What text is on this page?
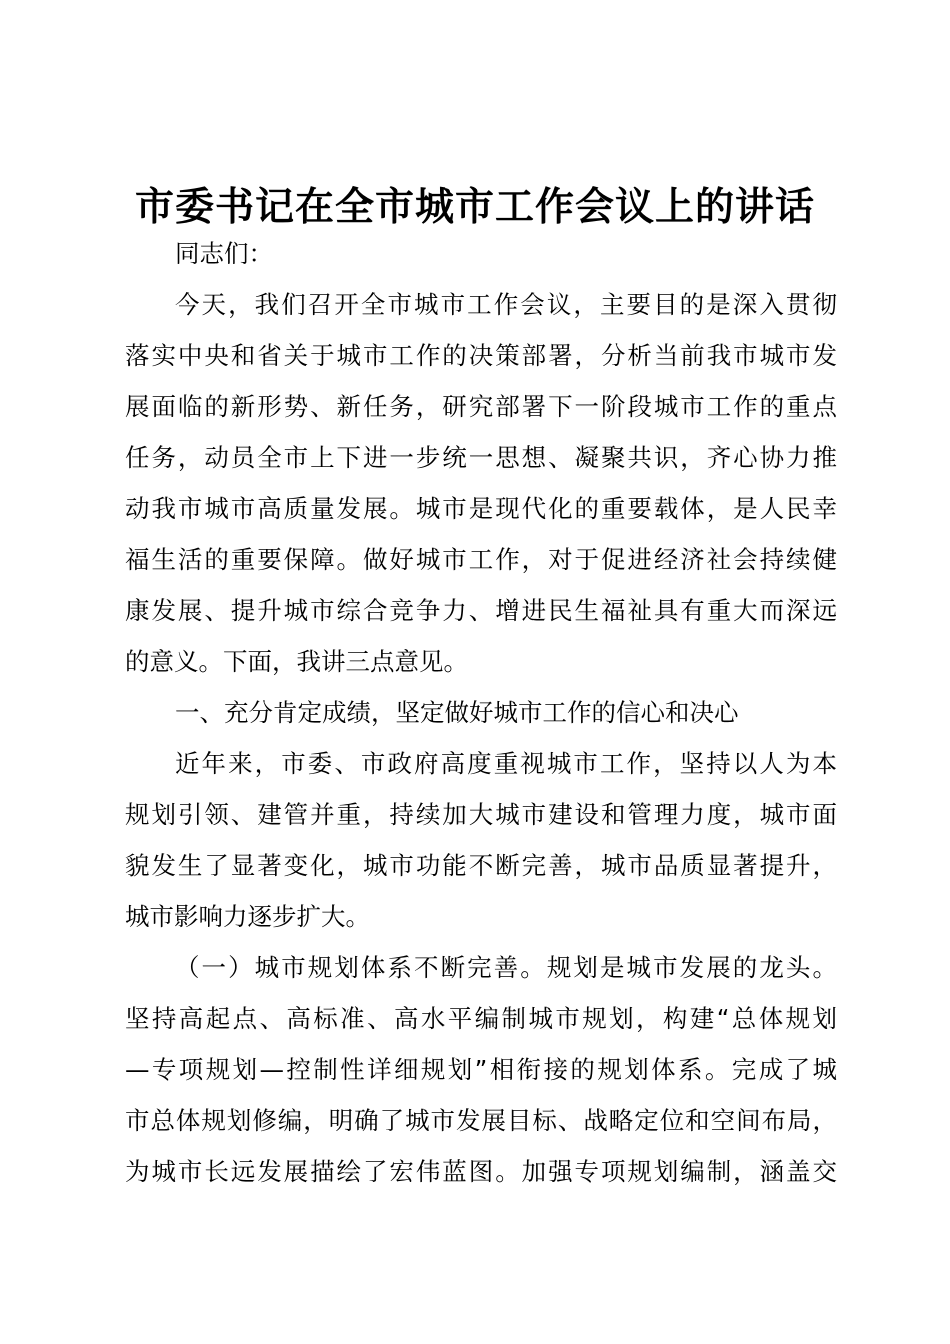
市委书记在全市城市工作会议上的讲话
同志们：
今天，我们召开全市城市工作会议，主要目的是深入贯彻
落实中央和省关于城市工作的决策部署，分析当前我市城市发
展面临的新形势、新任务，研究部署下一阶段城市工作的重点
任务，动员全市上下进一步统一思想、凝聚共识，齐心协力推
动我市城市高质量发展。城市是现代化的重要载体，是人民幸
福生活的重要保障。做好城市工作，对于促进经济社会持续健
康发展、提升城市综合竞争力、增进民生福祉具有重大而深远
的意义。下面，我讲三点意见。
一、充分肯定成绩，坚定做好城市工作的信心和决心
近年来，市委、市政府高度重视城市工作，坚持以人为本
规划引领、建管并重，持续加大城市建设和管理力度，城市面
貌发生了显著变化，城市功能不断完善，城市品质显著提升，
城市影响力逐步扩大。
（一）城市规划体系不断完善。规划是城市发展的龙头。
坚持高起点、高标准、高水平编制城市规划，构建“总体规划
—专项规划—控制性详细规划”相衔接的规划体系。完成了城
市总体规划修编，明确了城市发展目标、战略定位和空间布局，
为城市长远发展描绘了宏伟蓝图。加强专项规划编制，涵盖交
